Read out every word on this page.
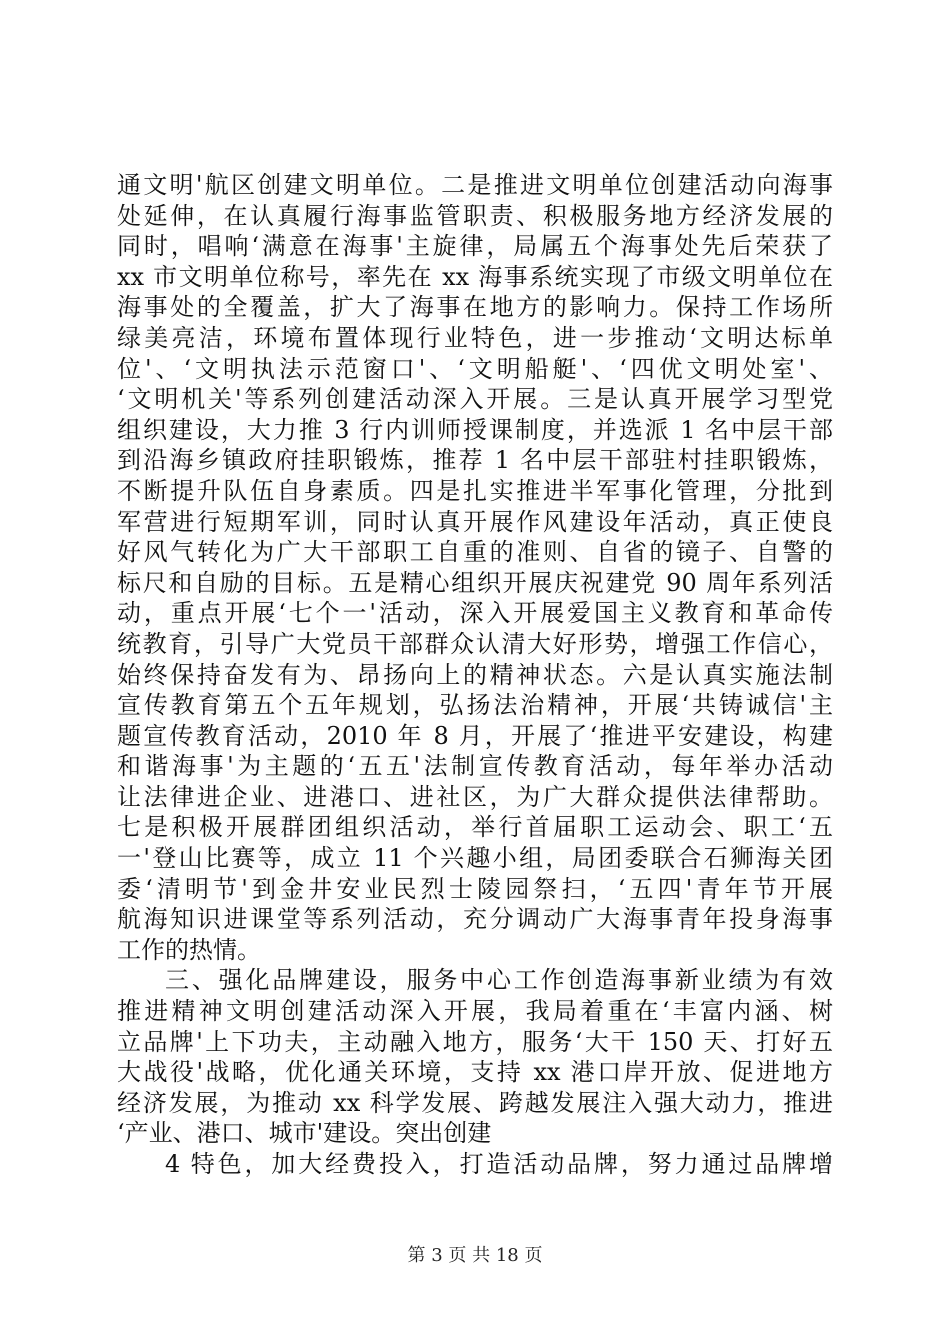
通文明'航区创建文明单位。二是推进文明单位创建活动向海事
处延伸，在认真履行海事监管职责、积极服务地方经济发展的
同时，唱响‘满意在海事'主旋律，局属五个海事处先后荣获了
xx 市文明单位称号，率先在 xx 海事系统实现了市级文明单位在
海事处的全覆盖，扩大了海事在地方的影响力。保持工作场所
绿美亮洁，环境布置体现行业特色，进一步推动‘文明达标单
位'、‘文明执法示范窗口'、‘文明船艇'、‘四优文明处室'、
‘文明机关'等系列创建活动深入开展。三是认真开展学习型党
组织建设，大力推 3 行内训师授课制度，并选派 1 名中层干部
到沿海乡镇政府挂职锻炼，推荐 1 名中层干部驻村挂职锻炼，
不断提升队伍自身素质。四是扎实推进半军事化管理，分批到
军营进行短期军训，同时认真开展作风建设年活动，真正使良
好风气转化为广大干部职工自重的准则、自省的镜子、自警的
标尺和自励的目标。五是精心组织开展庆祝建党 90 周年系列活
动，重点开展‘七个一'活动，深入开展爱国主义教育和革命传
统教育，引导广大党员干部群众认清大好形势，增强工作信心，
始终保持奋发有为、昂扬向上的精神状态。六是认真实施法制
宣传教育第五个五年规划，弘扬法治精神，开展‘共铸诚信'主
题宣传教育活动，2010 年 8 月，开展了‘推进平安建设，构建
和谐海事'为主题的‘五五'法制宣传教育活动，每年举办活动
让法律进企业、进港口、进社区，为广大群众提供法律帮助。
七是积极开展群团组织活动，举行首届职工运动会、职工‘五
一'登山比赛等，成立 11 个兴趣小组，局团委联合石狮海关团
委‘清明节'到金井安业民烈士陵园祭扫，‘五四'青年节开展
航海知识进课堂等系列活动，充分调动广大海事青年投身海事
工作的热情。
三、强化品牌建设，服务中心工作创造海事新业绩为有效
推进精神文明创建活动深入开展，我局着重在‘丰富内涵、树
立品牌'上下功夫，主动融入地方，服务‘大干 150 天、打好五
大战役'战略，优化通关环境，支持 xx 港口岸开放、促进地方
经济发展，为推动 xx 科学发展、跨越发展注入强大动力，推进
‘产业、港口、城市'建设。突出创建
4 特色，加大经费投入，打造活动品牌，努力通过品牌增
第 3 页 共 18 页
